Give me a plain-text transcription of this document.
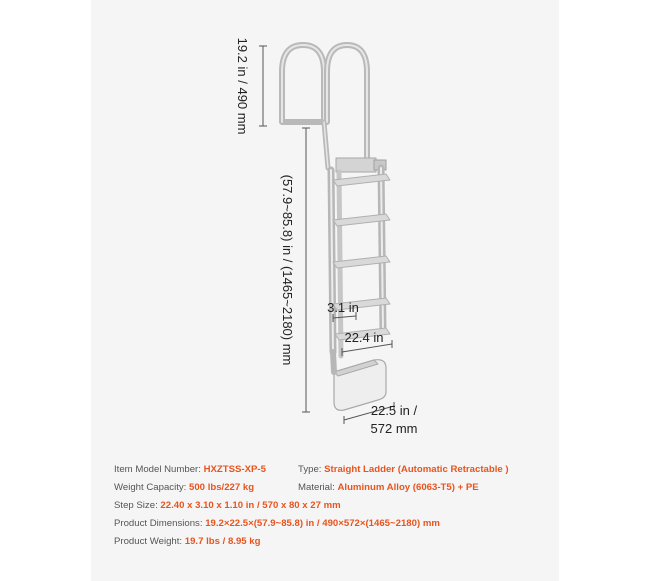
19.2 in / 490 mm
(57.9~85.8) in / (1465~2180) mm 3.1 in
22.4 in
22.5 in /
572 mm
Item Model Number: HXZTSS-XP-5	Type: Straight Ladder (Automatic Retractable )
Weight Capacity: 500 lbs/227 kg	Material: Aluminum Alloy (6063-T5) + PE
Step Size: 22.40 x 3.10 x 1.10 in / 570 x 80 x 27 mm
Product Dimensions: 19.2×22.5×(57.9~85.8) in / 490×572×(1465~2180) mm
Product Weight: 19.7 lbs / 8.95 kg
